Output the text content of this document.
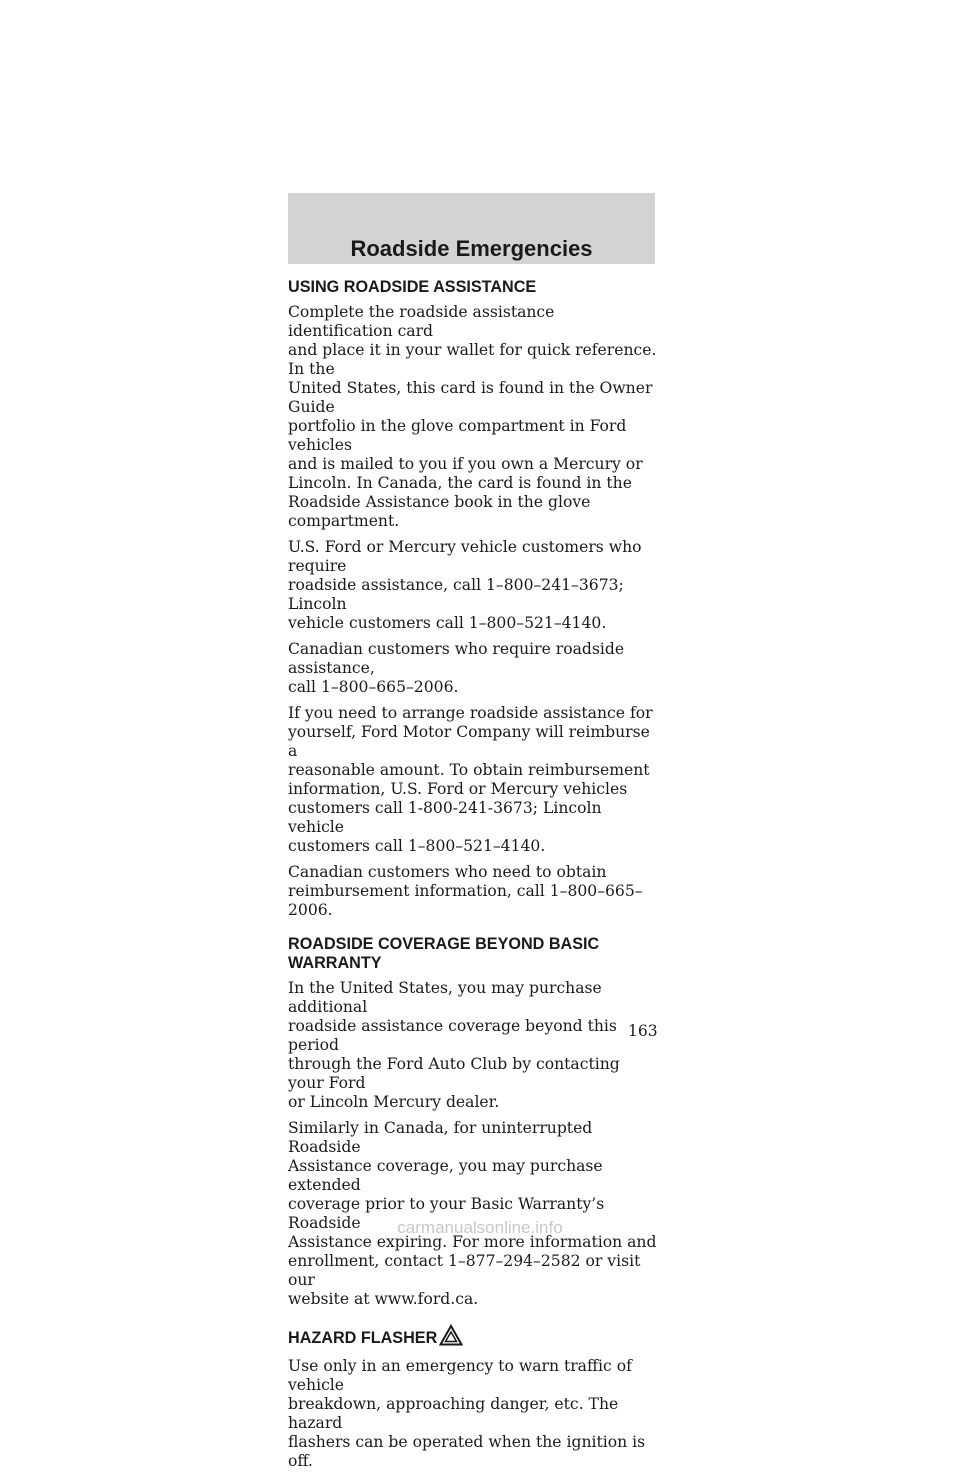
Roadside Emergencies
USING ROADSIDE ASSISTANCE

Complete the roadside assistance identification card
and place it in your wallet for quick reference. In the
United States, this card is found in the Owner Guide
portfolio in the glove compartment in Ford vehicles
and is mailed to you if you own a Mercury or
Lincoln. In Canada, the card is found in the
Roadside Assistance book in the glove compartment.

U.S. Ford or Mercury vehicle customers who require
roadside assistance, call 1–800–241–3673; Lincoln
vehicle customers call 1–800–521–4140.

Canadian customers who require roadside assistance,
call 1–800–665–2006.

If you need to arrange roadside assistance for
yourself, Ford Motor Company will reimburse a
reasonable amount. To obtain reimbursement
information, U.S. Ford or Mercury vehicles
customers call 1-800-241-3673; Lincoln vehicle
customers call 1–800–521–4140.

Canadian customers who need to obtain
reimbursement information, call 1–800–665–2006.

ROADSIDE COVERAGE BEYOND BASIC
WARRANTY

In the United States, you may purchase additional
roadside assistance coverage beyond this period
through the Ford Auto Club by contacting your Ford
or Lincoln Mercury dealer.

Similarly in Canada, for uninterrupted Roadside
Assistance coverage, you may purchase extended
coverage prior to your Basic Warranty’s Roadside
Assistance expiring. For more information and
enrollment, contact 1–877–294–2582 or visit our
website at www.ford.ca.

HAZARD FLASHER

Use only in an emergency to warn traffic of vehicle
breakdown, approaching danger, etc. The hazard
flashers can be operated when the ignition is off.

163
carmanualsonline.info
